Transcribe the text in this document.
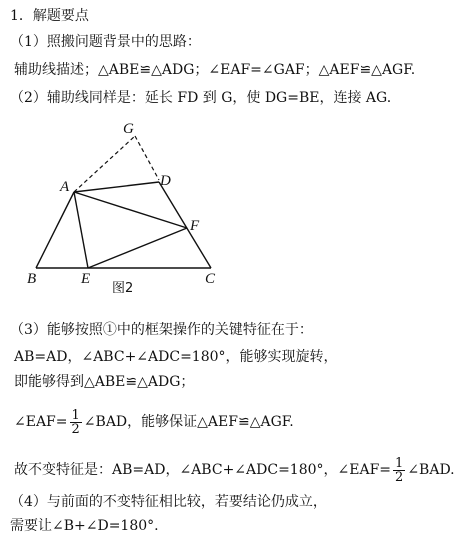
1．解题要点
（1）照搬问题背景中的思路：
辅助线描述；△ABE≌△ADG；∠EAF=∠GAF；△AEF≌△AGF.
（2）辅助线同样是：延长 FD 到 G，使 DG=BE，连接 AG.
G
A	D
F
B	E	C
图2
（3）能够按照①中的框架操作的关键特征在于：
AB=AD，∠ABC+∠ADC=180°，能够实现旋转，
即能够得到△ABE≌△ADG；
∠EAF= $\frac{1}{2}$ ∠BAD，能够保证△AEF≌△AGF.
故不变特征是：AB=AD，∠ABC+∠ADC=180°，∠EAF= $\frac{1}{2}$ ∠BAD.
（4）与前面的不变特征相比较，若要结论仍成立，
需要让∠B+∠D=180°.
